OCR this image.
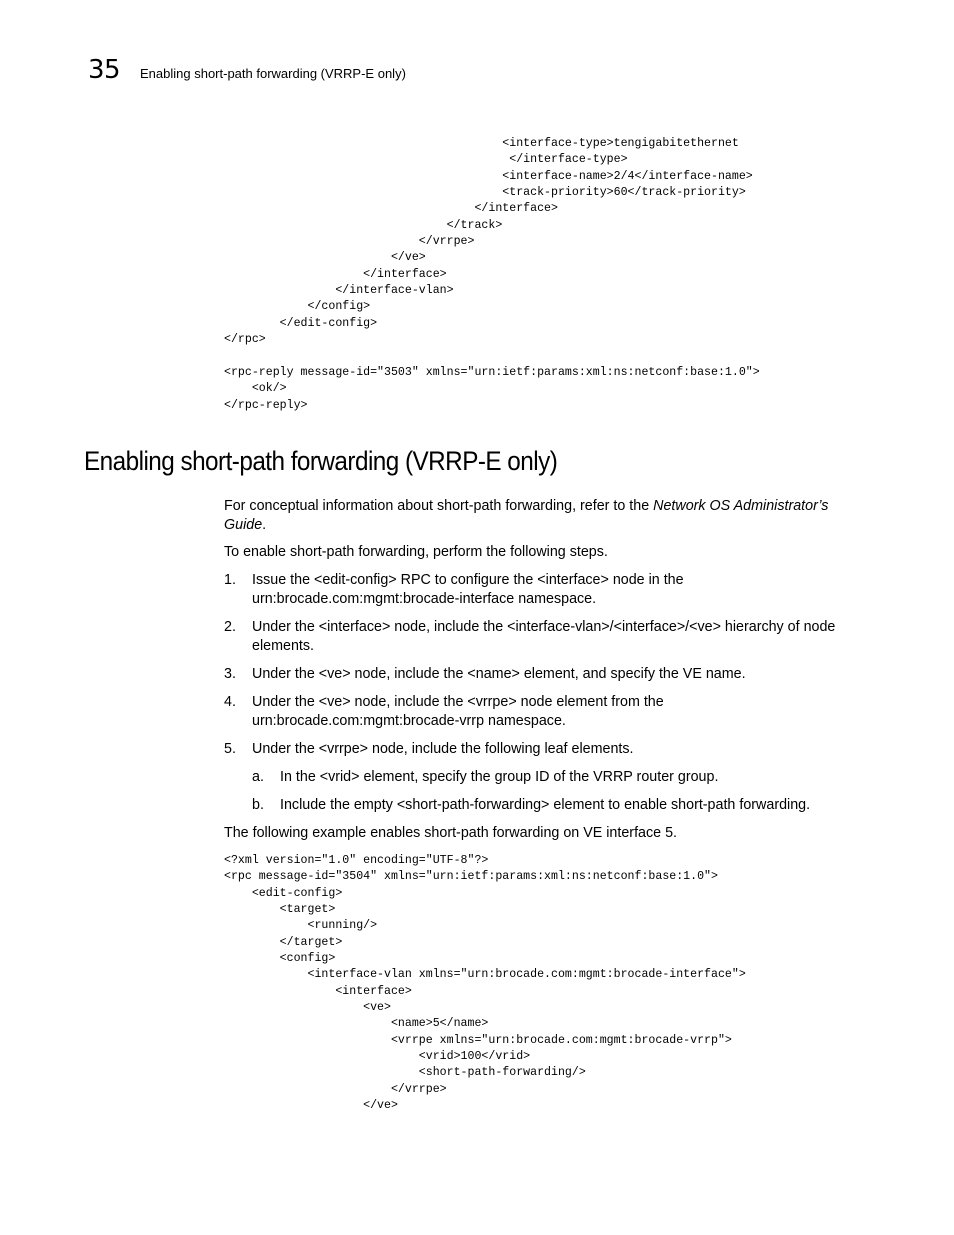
35	Enabling short-path forwarding (VRRP-E only)
<interface-type>tengigabitethernet
</interface-type>
<interface-name>2/4</interface-name>
<track-priority>60</track-priority>
</interface>
</track>
</vrrpe>
</ve>
</interface>
</interface-vlan>
</config>
</edit-config>
</rpc>

<rpc-reply message-id="3503" xmlns="urn:ietf:params:xml:ns:netconf:base:1.0">
<ok/>
</rpc-reply>
Enabling short-path forwarding (VRRP-E only)

For conceptual information about short-path forwarding, refer to the Network OS Administrator’s Guide.

To enable short-path forwarding, perform the following steps.

1. Issue the <edit-config> RPC to configure the <interface> node in the urn:brocade.com:mgmt:brocade-interface namespace.
2. Under the <interface> node, include the <interface-vlan>/<interface>/<ve> hierarchy of node elements.
3. Under the <ve> node, include the <name> element, and specify the VE name.
4. Under the <ve> node, include the <vrrpe> node element from the urn:brocade.com:mgmt:brocade-vrrp namespace.
5. Under the <vrrpe> node, include the following leaf elements.
a. In the <vrid> element, specify the group ID of the VRRP router group.
b. Include the empty <short-path-forwarding> element to enable short-path forwarding.

The following example enables short-path forwarding on VE interface 5.

<?xml version="1.0" encoding="UTF-8"?>
<rpc message-id="3504" xmlns="urn:ietf:params:xml:ns:netconf:base:1.0">
<edit-config>
<target>
<running/>
</target>
<config>
<interface-vlan xmlns="urn:brocade.com:mgmt:brocade-interface">
<interface>
<ve>
<name>5</name>
<vrrpe xmlns="urn:brocade.com:mgmt:brocade-vrrp">
<vrid>100</vrid>
<short-path-forwarding/>
</vrrpe>
</ve>
